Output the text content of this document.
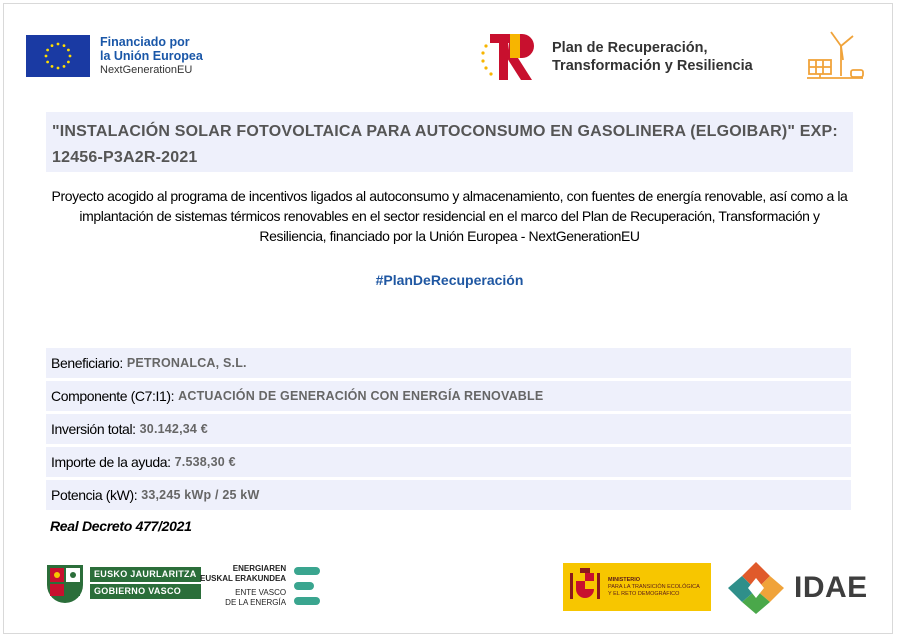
Financiado por
la Unión Europea
NextGenerationEU
Plan de Recuperación,
Transformación y Resiliencia
"INSTALACIÓN SOLAR FOTOVOLTAICA PARA AUTOCONSUMO EN GASOLINERA (ELGOIBAR)" EXP: 12456-P3A2R-2021
Proyecto acogido al programa de incentivos ligados al autoconsumo y almacenamiento, con fuentes de energía renovable, así como a la implantación de sistemas térmicos renovables en el sector residencial en el marco del Plan de Recuperación, Transformación y Resiliencia, financiado por la Unión Europea - NextGenerationEU
#PlanDeRecuperación
Beneficiario: PETRONALCA, S.L.
Componente (C7:I1): ACTUACIÓN DE GENERACIÓN CON ENERGÍA RENOVABLE
Inversión total: 30.142,34 €
Importe de la ayuda: 7.538,30 €
Potencia (kW): 33,245 kWp / 25 kW
Real Decreto 477/2021
EUSKO JAURLARITZA
GOBIERNO VASCO
ENERGIAREN
EUSKAL ERAKUNDEA
ENTE VASCO
DE LA ENERGÍA
MINISTERIO
PARA LA TRANSICIÓN ECOLÓGICA
Y EL RETO DEMOGRÁFICO	IDAE
